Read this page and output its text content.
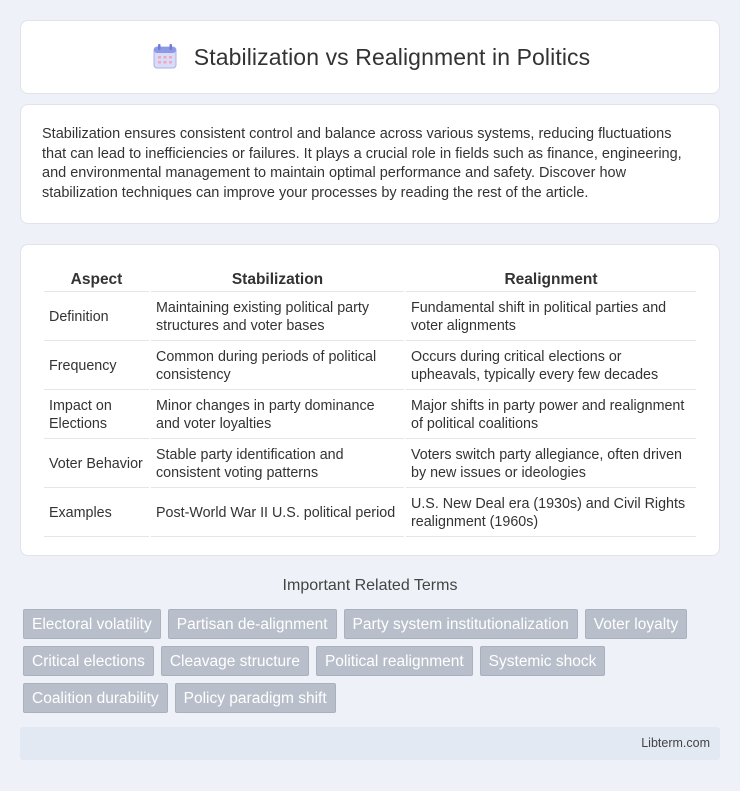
Stabilization vs Realignment in Politics

Stabilization ensures consistent control and balance across various systems, reducing fluctuations that can lead to inefficiencies or failures. It plays a crucial role in fields such as finance, engineering, and environmental management to maintain optimal performance and safety. Discover how stabilization techniques can improve your processes by reading the rest of the article.

Aspect	Stabilization	Realignment
Definition	Maintaining existing political party structures and voter bases	Fundamental shift in political parties and voter alignments
Frequency	Common during periods of political consistency	Occurs during critical elections or upheavals, typically every few decades
Impact on Elections	Minor changes in party dominance and voter loyalties	Major shifts in party power and realignment of political coalitions
Voter Behavior	Stable party identification and consistent voting patterns	Voters switch party allegiance, often driven by new issues or ideologies
Examples	Post-World War II U.S. political period	U.S. New Deal era (1930s) and Civil Rights realignment (1960s)
Important Related Terms
Electoral volatility	Partisan de-alignment	Party system institutionalization	Voter loyalty
Critical elections	Cleavage structure	Political realignment	Systemic shock
Coalition durability	Policy paradigm shift
Libterm.com
